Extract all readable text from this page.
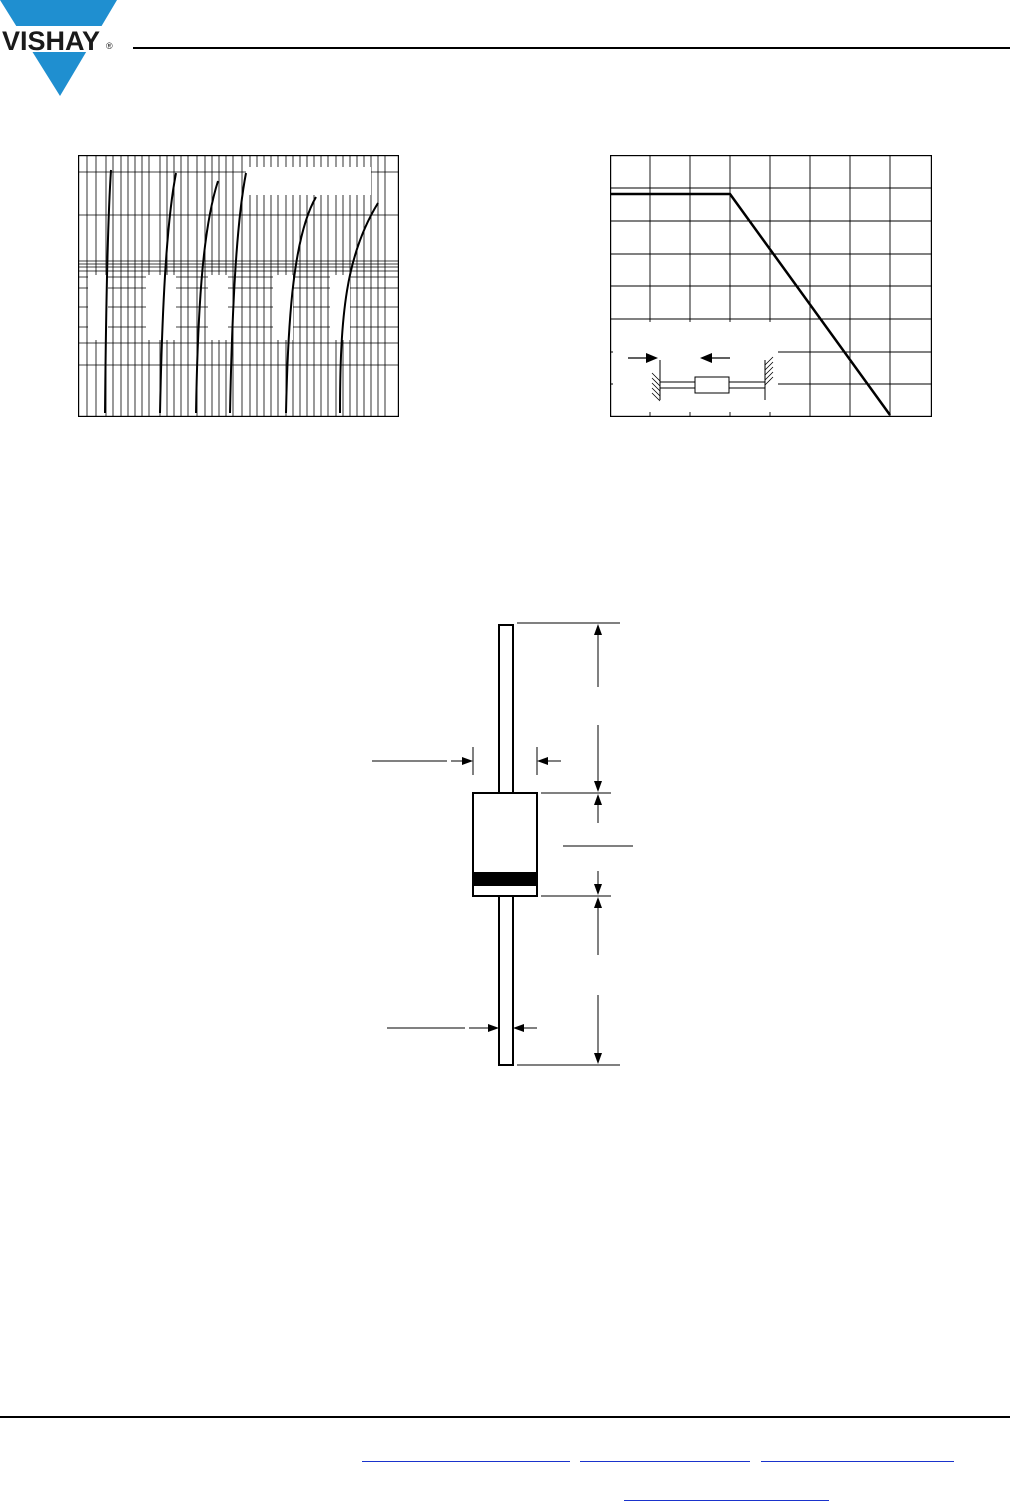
VISHAY ®
